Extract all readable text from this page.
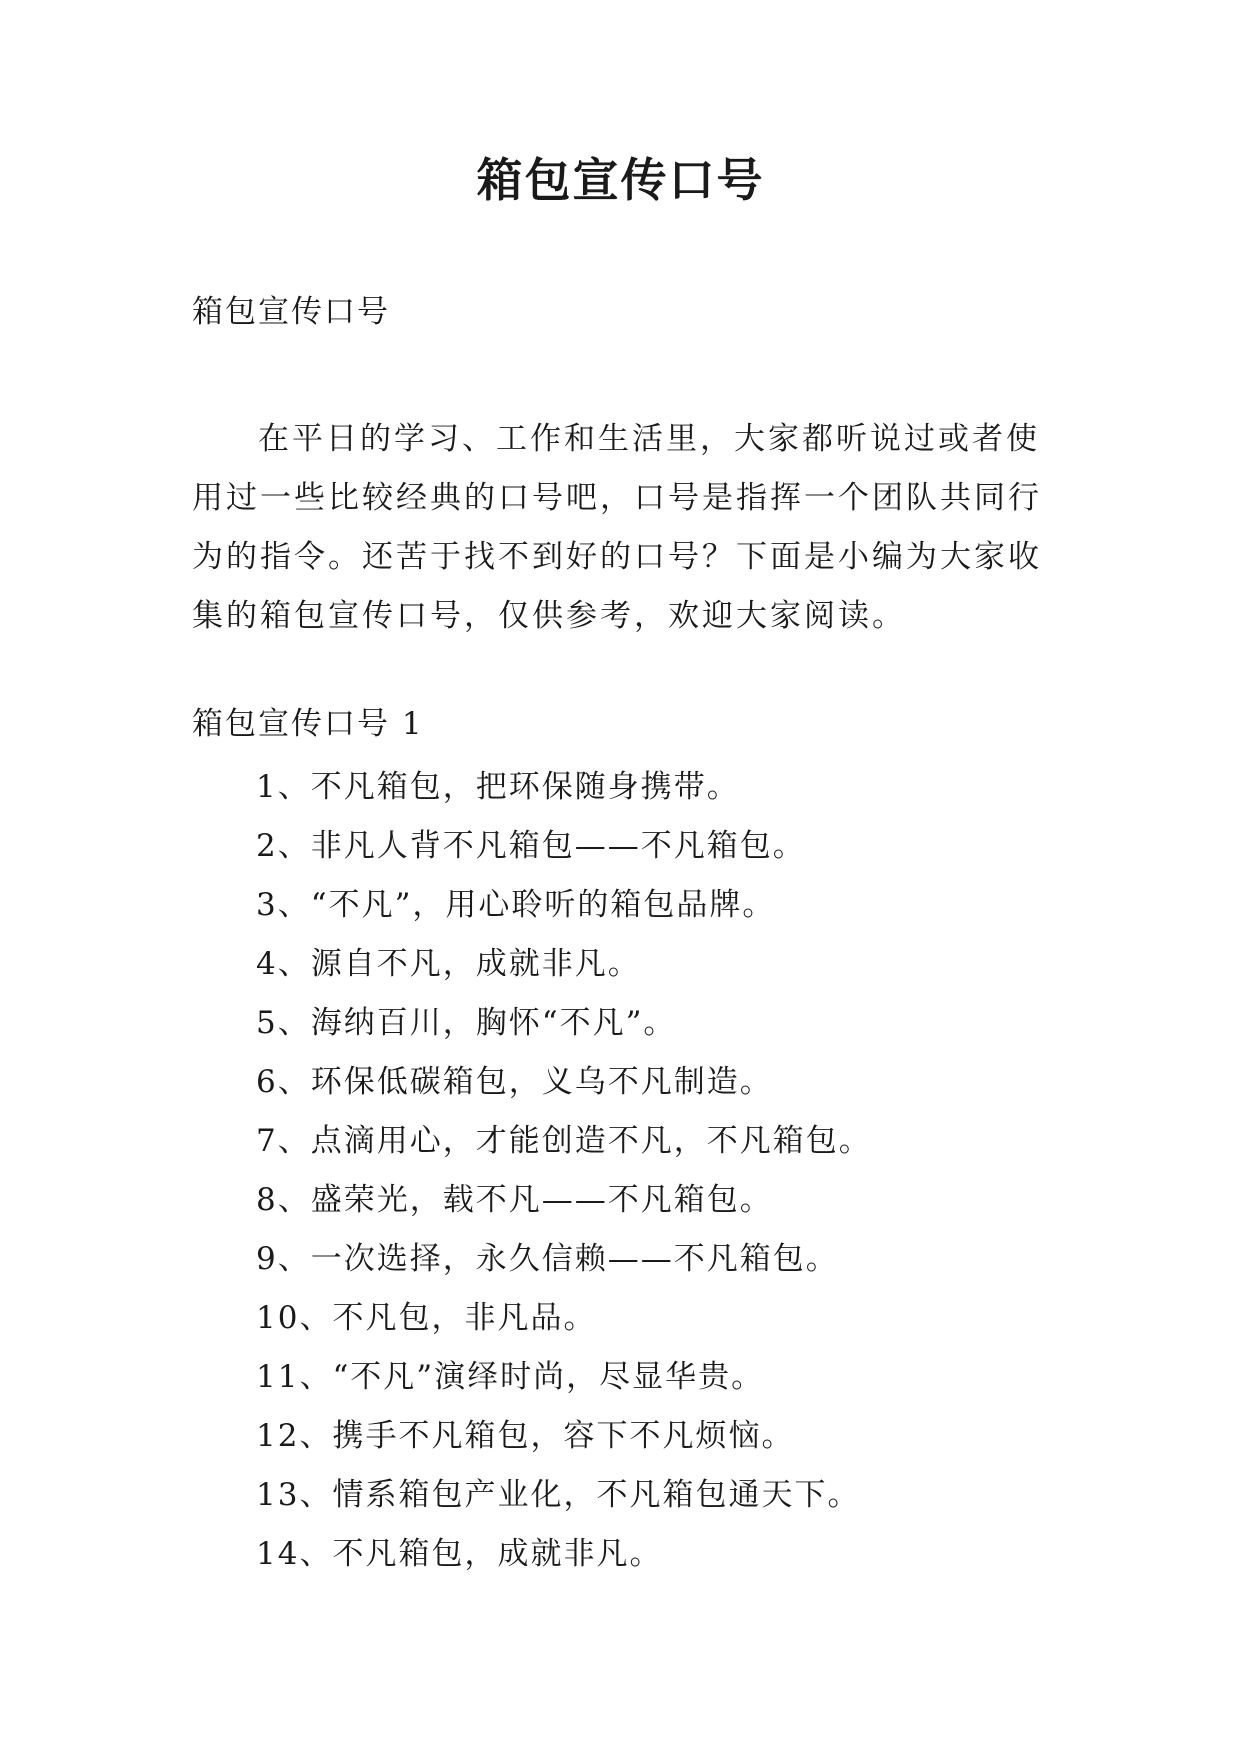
箱包宣传口号

箱包宣传口号

在平日的学习、工作和生活里，大家都听说过或者使用过一些比较经典的口号吧，口号是指挥一个团队共同行为的指令。还苦于找不到好的口号？下面是小编为大家收集的箱包宣传口号，仅供参考，欢迎大家阅读。

箱包宣传口号 1

1、不凡箱包，把环保随身携带。
2、非凡人背不凡箱包——不凡箱包。
3、“不凡”，用心聆听的箱包品牌。
4、源自不凡，成就非凡。
5、海纳百川，胸怀“不凡”。
6、环保低碳箱包，义乌不凡制造。
7、点滴用心，才能创造不凡，不凡箱包。
8、盛荣光，载不凡——不凡箱包。
9、一次选择，永久信赖——不凡箱包。
10、不凡包，非凡品。
11、“不凡”演绎时尚，尽显华贵。
12、携手不凡箱包，容下不凡烦恼。
13、情系箱包产业化，不凡箱包通天下。
14、不凡箱包，成就非凡。
